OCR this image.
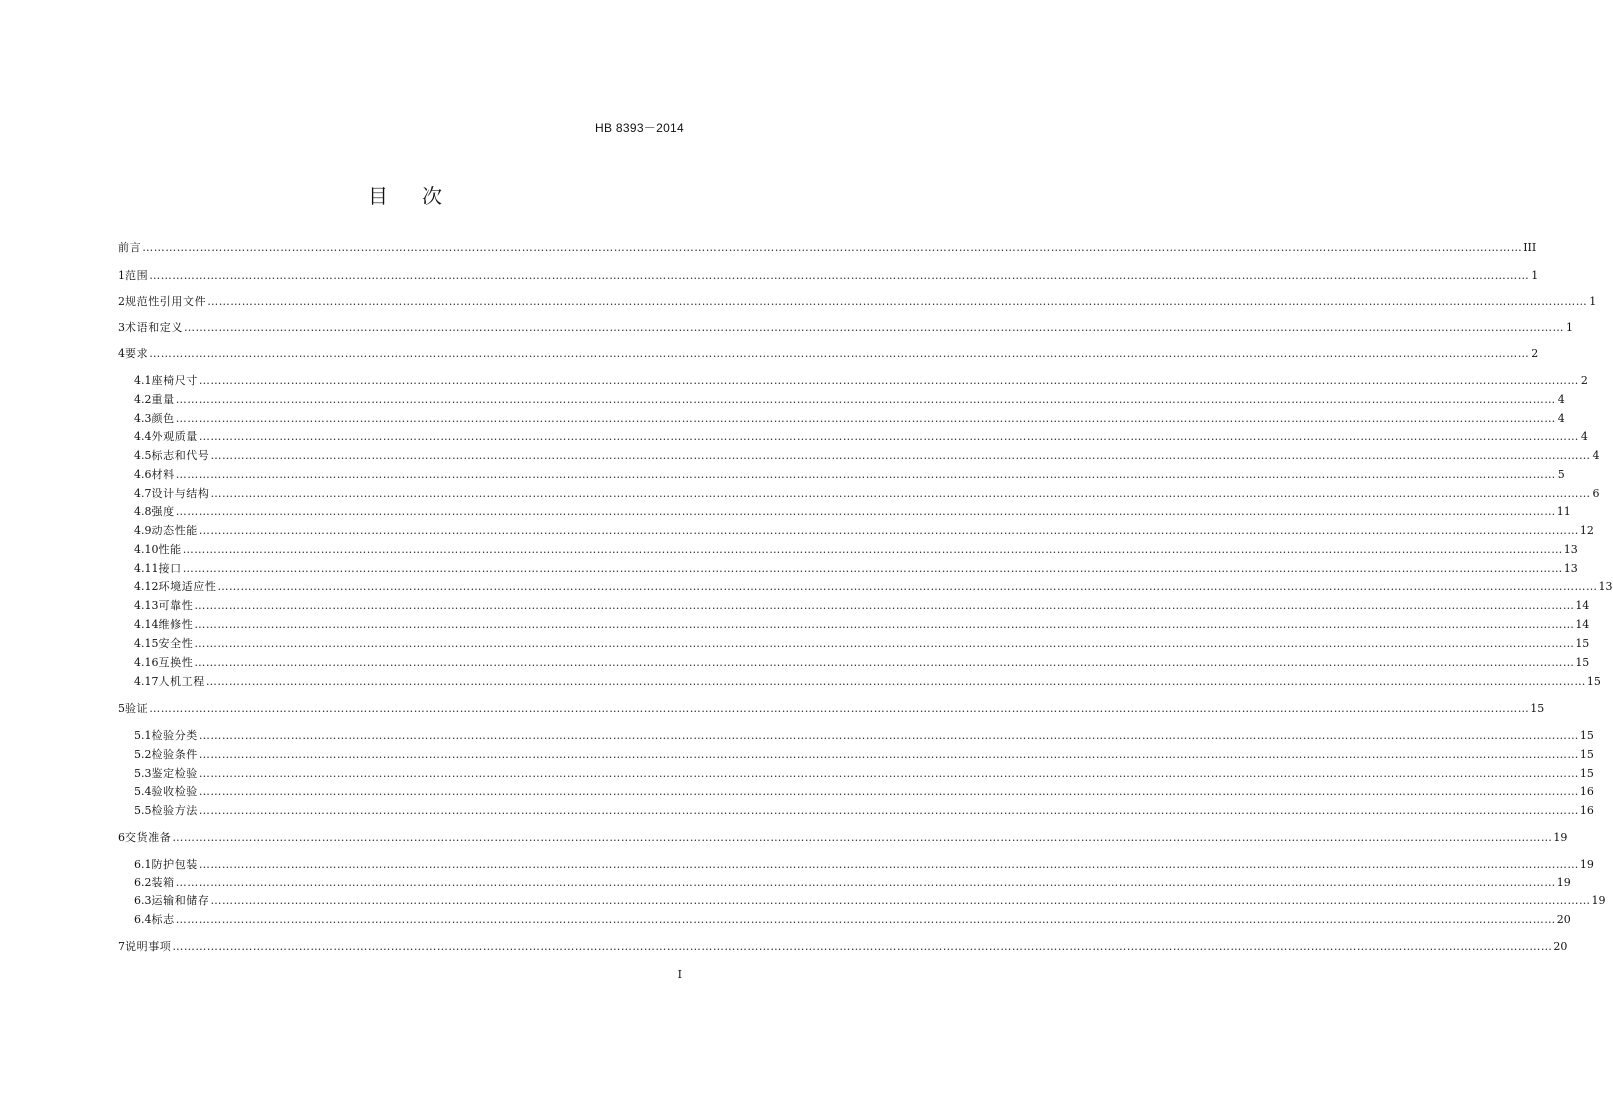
HB 8393－2014
目 次
前言 ……………………………………………………………………………………………………………………………………………………………………………………………………………………………………………………………………………………………………………………………… III
1 范围 ……………………………………………………………………………………………………………………………………………………………………………………………………………………………………………………………………………………………………………………………… 1
2 规范性引用文件 ……………………………………………………………………………………………………………………………………………………………………………………………………………………………………………………………………………………………………………………………… 1
3 术语和定义 ……………………………………………………………………………………………………………………………………………………………………………………………………………………………………………………………………………………………………………………………… 1
4 要求 ……………………………………………………………………………………………………………………………………………………………………………………………………………………………………………………………………………………………………………………………… 2
4.1 座椅尺寸 ……………………………………………………………………………………………………………………………………………………………………………………………………………………………………………………………………………………………………………………………… 2
4.2 重量 ……………………………………………………………………………………………………………………………………………………………………………………………………………………………………………………………………………………………………………………………… 4
4.3 颜色 ……………………………………………………………………………………………………………………………………………………………………………………………………………………………………………………………………………………………………………………………… 4
4.4 外观质量 ……………………………………………………………………………………………………………………………………………………………………………………………………………………………………………………………………………………………………………………………… 4
4.5 标志和代号 ……………………………………………………………………………………………………………………………………………………………………………………………………………………………………………………………………………………………………………………………… 4
4.6 材料 ……………………………………………………………………………………………………………………………………………………………………………………………………………………………………………………………………………………………………………………………… 5
4.7 设计与结构 ……………………………………………………………………………………………………………………………………………………………………………………………………………………………………………………………………………………………………………………………… 6
4.8 强度 ……………………………………………………………………………………………………………………………………………………………………………………………………………………………………………………………………………………………………………………………… 11
4.9 动态性能 ……………………………………………………………………………………………………………………………………………………………………………………………………………………………………………………………………………………………………………………………… 12
4.10 性能 ……………………………………………………………………………………………………………………………………………………………………………………………………………………………………………………………………………………………………………………………… 13
4.11 接口 ……………………………………………………………………………………………………………………………………………………………………………………………………………………………………………………………………………………………………………………………… 13
4.12 环境适应性 ……………………………………………………………………………………………………………………………………………………………………………………………………………………………………………………………………………………………………………………………… 13
4.13 可靠性 ……………………………………………………………………………………………………………………………………………………………………………………………………………………………………………………………………………………………………………………………… 14
4.14 维修性 ……………………………………………………………………………………………………………………………………………………………………………………………………………………………………………………………………………………………………………………………… 14
4.15 安全性 ……………………………………………………………………………………………………………………………………………………………………………………………………………………………………………………………………………………………………………………………… 15
4.16 互换性 ……………………………………………………………………………………………………………………………………………………………………………………………………………………………………………………………………………………………………………………………… 15
4.17 人机工程 ……………………………………………………………………………………………………………………………………………………………………………………………………………………………………………………………………………………………………………………………… 15
5 验证 ……………………………………………………………………………………………………………………………………………………………………………………………………………………………………………………………………………………………………………………………… 15
5.1 检验分类 ……………………………………………………………………………………………………………………………………………………………………………………………………………………………………………………………………………………………………………………………… 15
5.2 检验条件 ……………………………………………………………………………………………………………………………………………………………………………………………………………………………………………………………………………………………………………………………… 15
5.3 鉴定检验 ……………………………………………………………………………………………………………………………………………………………………………………………………………………………………………………………………………………………………………………………… 15
5.4 验收检验 ……………………………………………………………………………………………………………………………………………………………………………………………………………………………………………………………………………………………………………………………… 16
5.5 检验方法 ……………………………………………………………………………………………………………………………………………………………………………………………………………………………………………………………………………………………………………………………… 16
6 交货准备 ……………………………………………………………………………………………………………………………………………………………………………………………………………………………………………………………………………………………………………………………… 19
6.1 防护包装 ……………………………………………………………………………………………………………………………………………………………………………………………………………………………………………………………………………………………………………………………… 19
6.2 装箱 ……………………………………………………………………………………………………………………………………………………………………………………………………………………………………………………………………………………………………………………………… 19
6.3 运输和储存 ……………………………………………………………………………………………………………………………………………………………………………………………………………………………………………………………………………………………………………………………… 19
6.4 标志 ……………………………………………………………………………………………………………………………………………………………………………………………………………………………………………………………………………………………………………………………… 20
7 说明事项 ……………………………………………………………………………………………………………………………………………………………………………………………………………………………………………………………………………………………………………………………… 20
I
